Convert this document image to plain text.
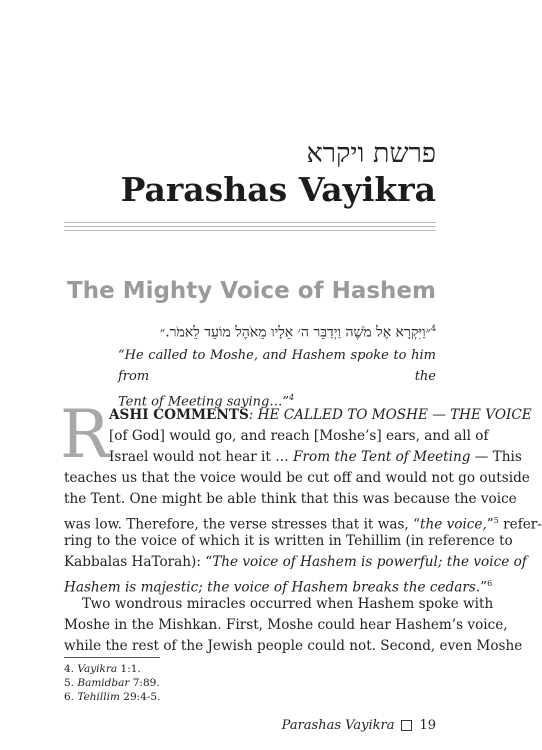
פרשת ויקרא
Parashas Vayikra
The Mighty Voice of Hashem
$^4$״וַיִּקְרָא אֶל מֹשֶׁה וַיְדַבֵּר ה׳ אֵלָיו מֵאֹהֶל מוֹעֵד לֵאמֹר.״
“He called to Moshe, and Hashem spoke to him from the
Tent of Meeting saying…”$^4$
R ASHI COMMENTS: HE CALLED TO MOSHE — THE VOICE
[of God] would go, and reach [Moshe’s] ears, and all of
Israel would not hear it … From the Tent of Meeting — This
teaches us that the voice would be cut off and would not go outside
the Tent. One might be able think that this was because the voice
was low. Therefore, the verse stresses that it was, “the voice,”$^5$ refer-
ring to the voice of which it is written in Tehillim (in reference to
Kabbalas HaTorah): “The voice of Hashem is powerful; the voice of
Hashem is majestic; the voice of Hashem breaks the cedars.”$^6$
Two wondrous miracles occurred when Hashem spoke with
Moshe in the Mishkan. First, Moshe could hear Hashem’s voice,
4. Vayikra 1:1.
5. Bamidbar 7:89.
6. Tehillim 29:4-5.
Parashas Vayikra 19
while the rest of the Jewish people could not. Second, even Moshe
